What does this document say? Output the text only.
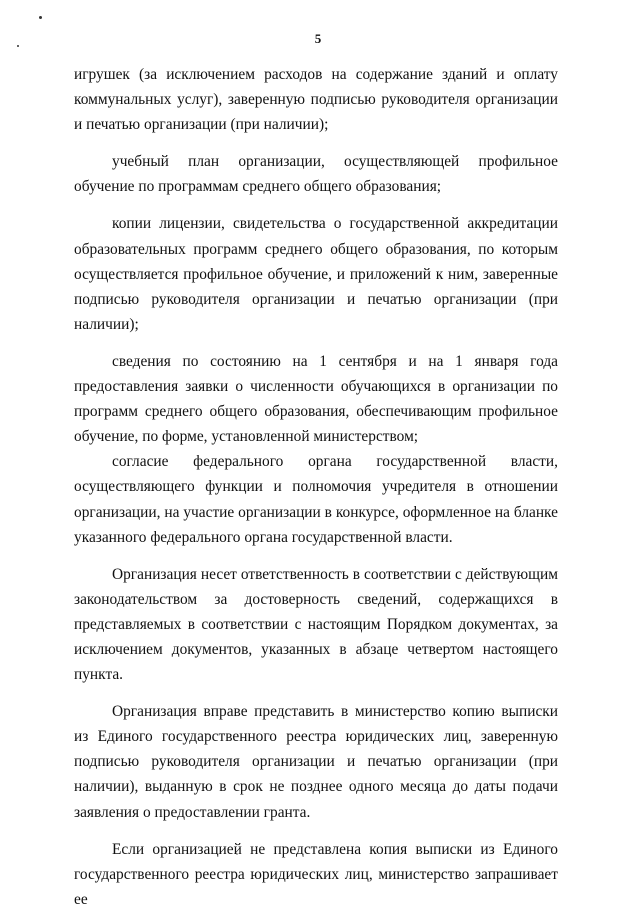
5

игрушек (за исключением расходов на содержание зданий и оплату коммунальных услуг), заверенную подписью руководителя организации и печатью организации (при наличии);

учебный план организации, осуществляющей профильное обучение по программам среднего общего образования;

копии лицензии, свидетельства о государственной аккредитации образовательных программ среднего общего образования, по которым осуществляется профильное обучение, и приложений к ним, заверенные подписью руководителя организации и печатью организации (при наличии);

сведения по состоянию на 1 сентября и на 1 января года предоставления заявки о численности обучающихся в организации по программ среднего общего образования, обеспечивающим профильное обучение, по форме, установленной министерством;

согласие федерального органа государственной власти, осуществляющего функции и полномочия учредителя в отношении организации, на участие организации в конкурсе, оформленное на бланке указанного федерального органа государственной власти.

Организация несет ответственность в соответствии с действующим законодательством за достоверность сведений, содержащихся в представляемых в соответствии с настоящим Порядком документах, за исключением документов, указанных в абзаце четвертом настоящего пункта.

Организация вправе представить в министерство копию выписки из Единого государственного реестра юридических лиц, заверенную подписью руководителя организации и печатью организации (при наличии), выданную в срок не позднее одного месяца до даты подачи заявления о предоставлении гранта.

Если организацией не представлена копия выписки из Единого государственного реестра юридических лиц, министерство запрашивает ее
